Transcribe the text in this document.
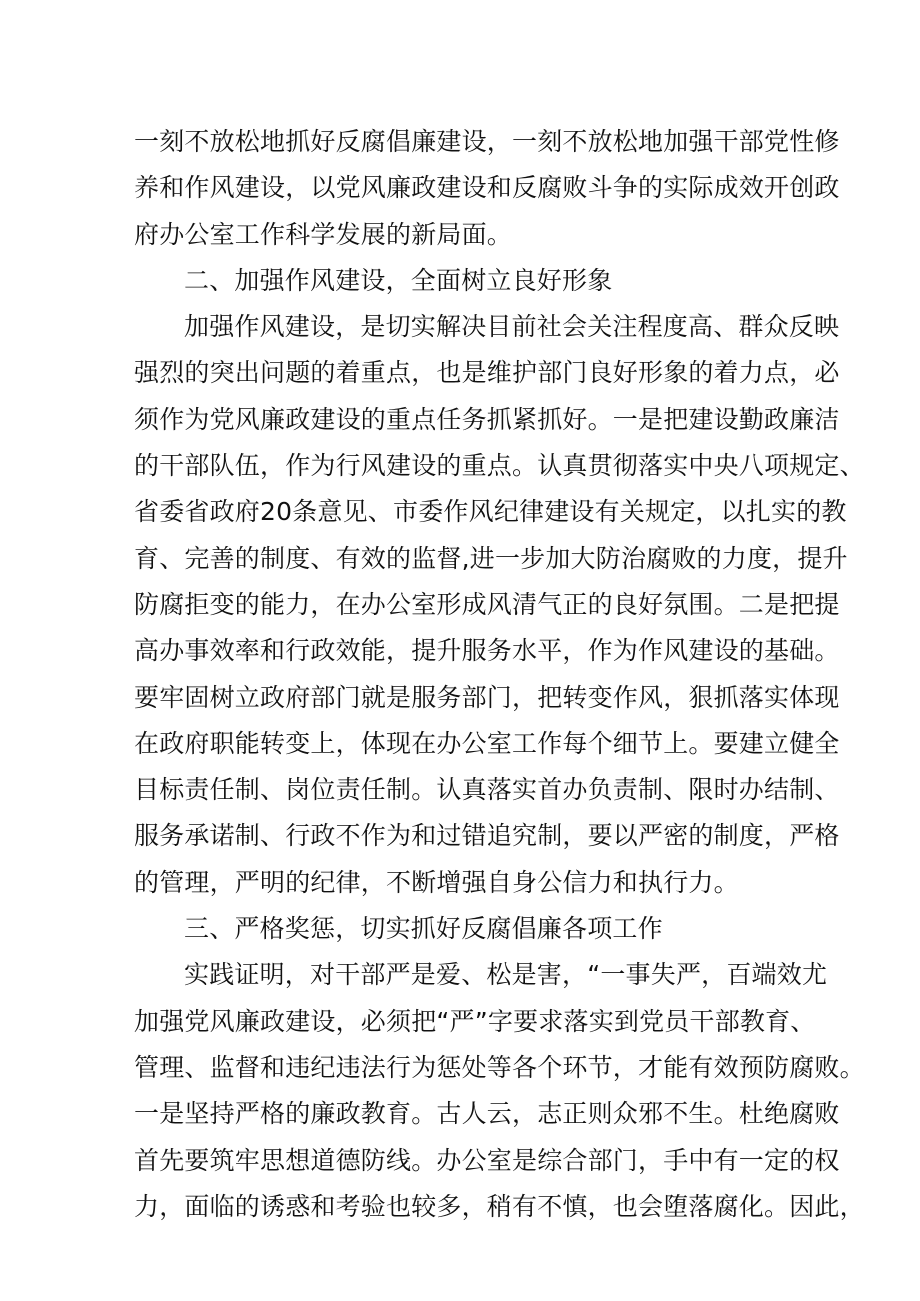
一刻不放松地抓好反腐倡廉建设，一刻不放松地加强干部党性修
养和作风建设，以党风廉政建设和反腐败斗争的实际成效开创政
府办公室工作科学发展的新局面。
二、加强作风建设，全面树立良好形象
加强作风建设，是切实解决目前社会关注程度高、群众反映
强烈的突出问题的着重点，也是维护部门良好形象的着力点，必
须作为党风廉政建设的重点任务抓紧抓好。一是把建设勤政廉洁
的干部队伍，作为行风建设的重点。认真贯彻落实中央八项规定、
省委省政府20条意见、市委作风纪律建设有关规定，以扎实的教
育、完善的制度、有效的监督,进一步加大防治腐败的力度，提升
防腐拒变的能力，在办公室形成风清气正的良好氛围。二是把提
高办事效率和行政效能，提升服务水平，作为作风建设的基础。
要牢固树立政府部门就是服务部门，把转变作风，狠抓落实体现
在政府职能转变上，体现在办公室工作每个细节上。要建立健全
目标责任制、岗位责任制。认真落实首办负责制、限时办结制、
服务承诺制、行政不作为和过错追究制，要以严密的制度，严格
的管理，严明的纪律，不断增强自身公信力和执行力。
三、严格奖惩，切实抓好反腐倡廉各项工作
实践证明，对干部严是爱、松是害，“一事失严，百端效尤
加强党风廉政建设，必须把“严”字要求落实到党员干部教育、
管理、监督和违纪违法行为惩处等各个环节，才能有效预防腐败。
一是坚持严格的廉政教育。古人云，志正则众邪不生。杜绝腐败
首先要筑牢思想道德防线。办公室是综合部门，手中有一定的权
力，面临的诱惑和考验也较多，稍有不慎，也会堕落腐化。因此，
